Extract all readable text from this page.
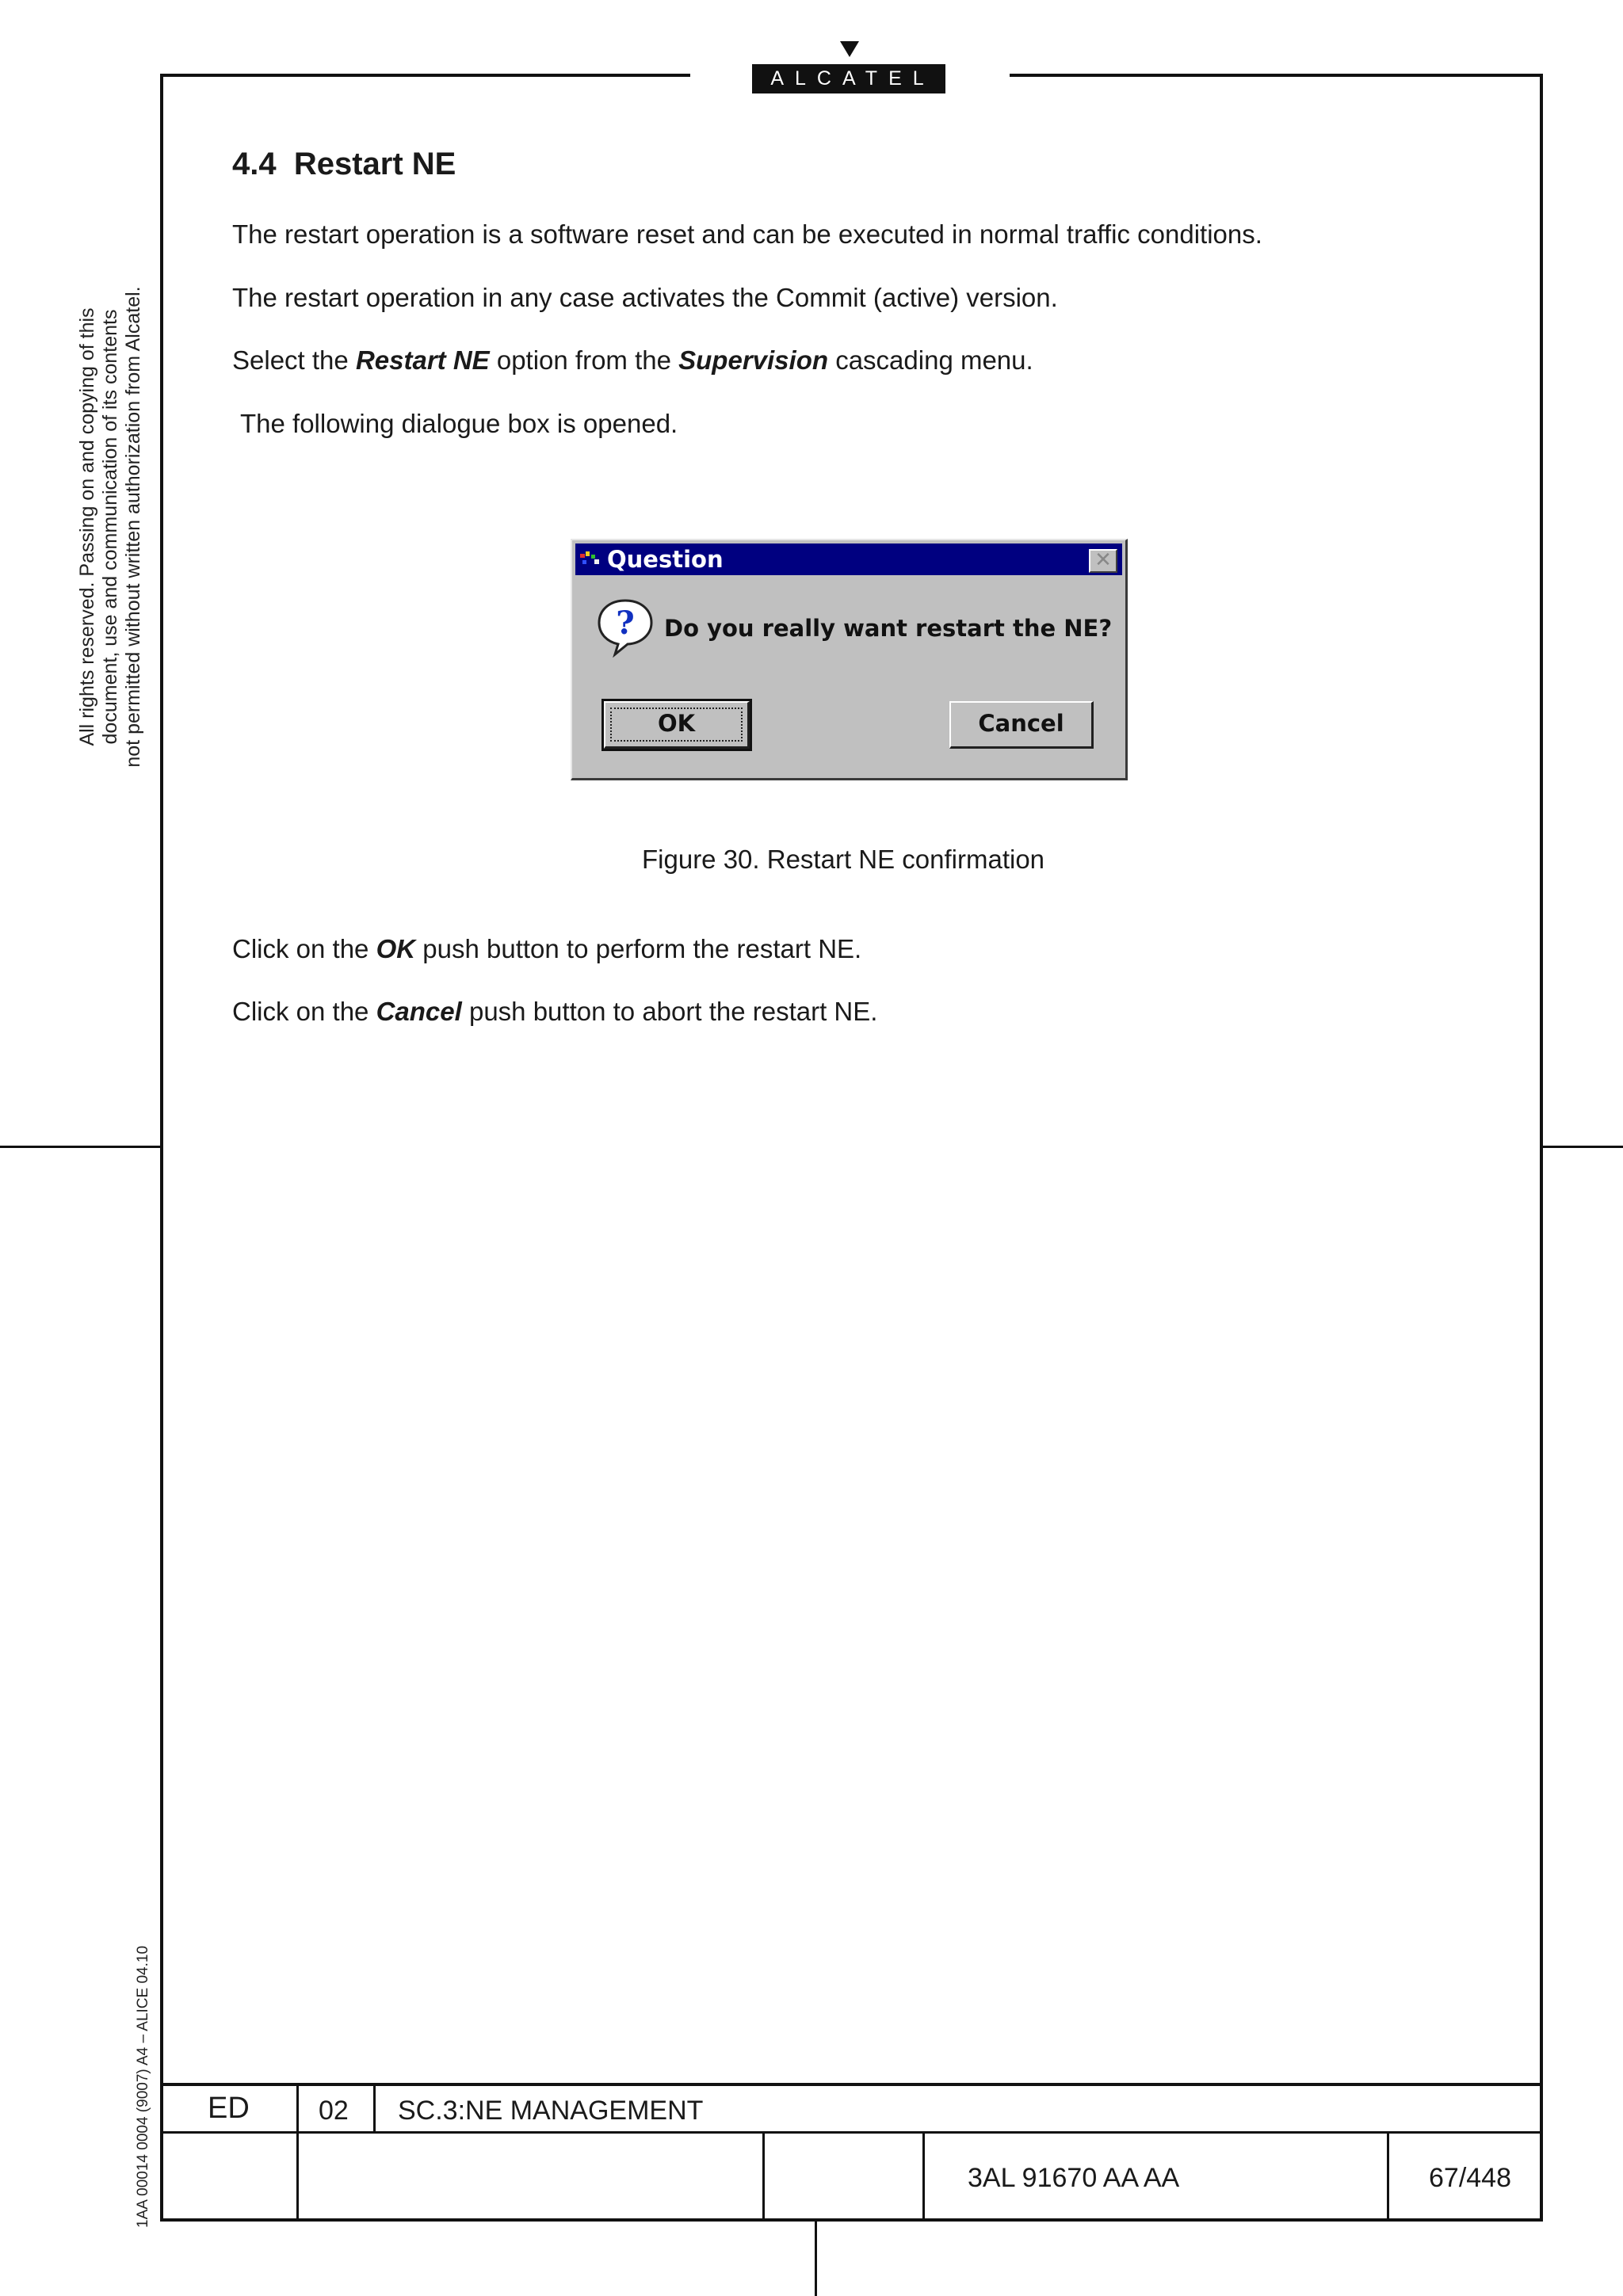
ALCATEL
All rights reserved. Passing on and copying of this document, use and communication of its contents not permitted without written authorization from Alcatel.
1AA 00014 0004 (9007) A4 – ALICE 04.10
4.4 Restart NE
The restart operation is a software reset and can be executed in normal traffic conditions.
The restart operation in any case activates the Commit (active) version.
Select the Restart NE option from the Supervision cascading menu.
The following dialogue box is opened.
Question	✕
? Do you really want restart the NE?
OK	Cancel
Figure 30. Restart NE confirmation
Click on the OK push button to perform the restart NE.
Click on the Cancel push button to abort the restart NE.
ED	02 SC.3:NE MANAGEMENT
3AL 91670 AA AA	67/448
